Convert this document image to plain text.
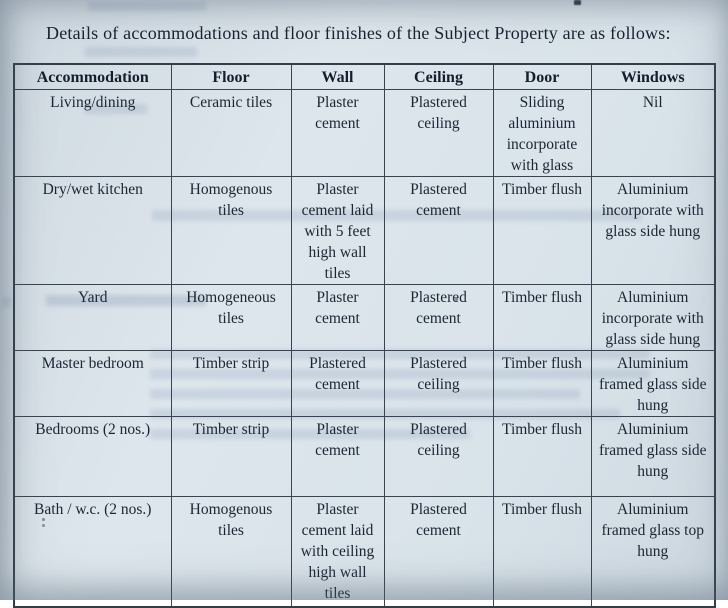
Details of accommodations and floor finishes of the Subject Property are as follows:
Accommodation	Floor	Wall	Ceiling	Door	Windows
Living/dining	Ceramic tiles	Plaster cement	Plastered ceiling	Sliding aluminium incorporate with glass	Nil
Dry/wet kitchen	Homogenous tiles	Plaster cement laid with 5 feet high wall tiles	Plastered cement	Timber flush	Aluminium incorporate with glass side hung
Yard	Homogeneous tiles	Plaster cement	Plastered cement	Timber flush	Aluminium incorporate with glass side hung
Master bedroom	Timber strip	Plastered cement	Plastered ceiling	Timber flush	Aluminium framed glass side hung
Bedrooms (2 nos.)	Timber strip	Plaster cement	Plastered ceiling	Timber flush	Aluminium framed glass side hung
Bath / w.c. (2 nos.)	Homogenous tiles	Plaster cement laid with ceiling high wall tiles	Plastered cement	Timber flush	Aluminium framed glass top hung
